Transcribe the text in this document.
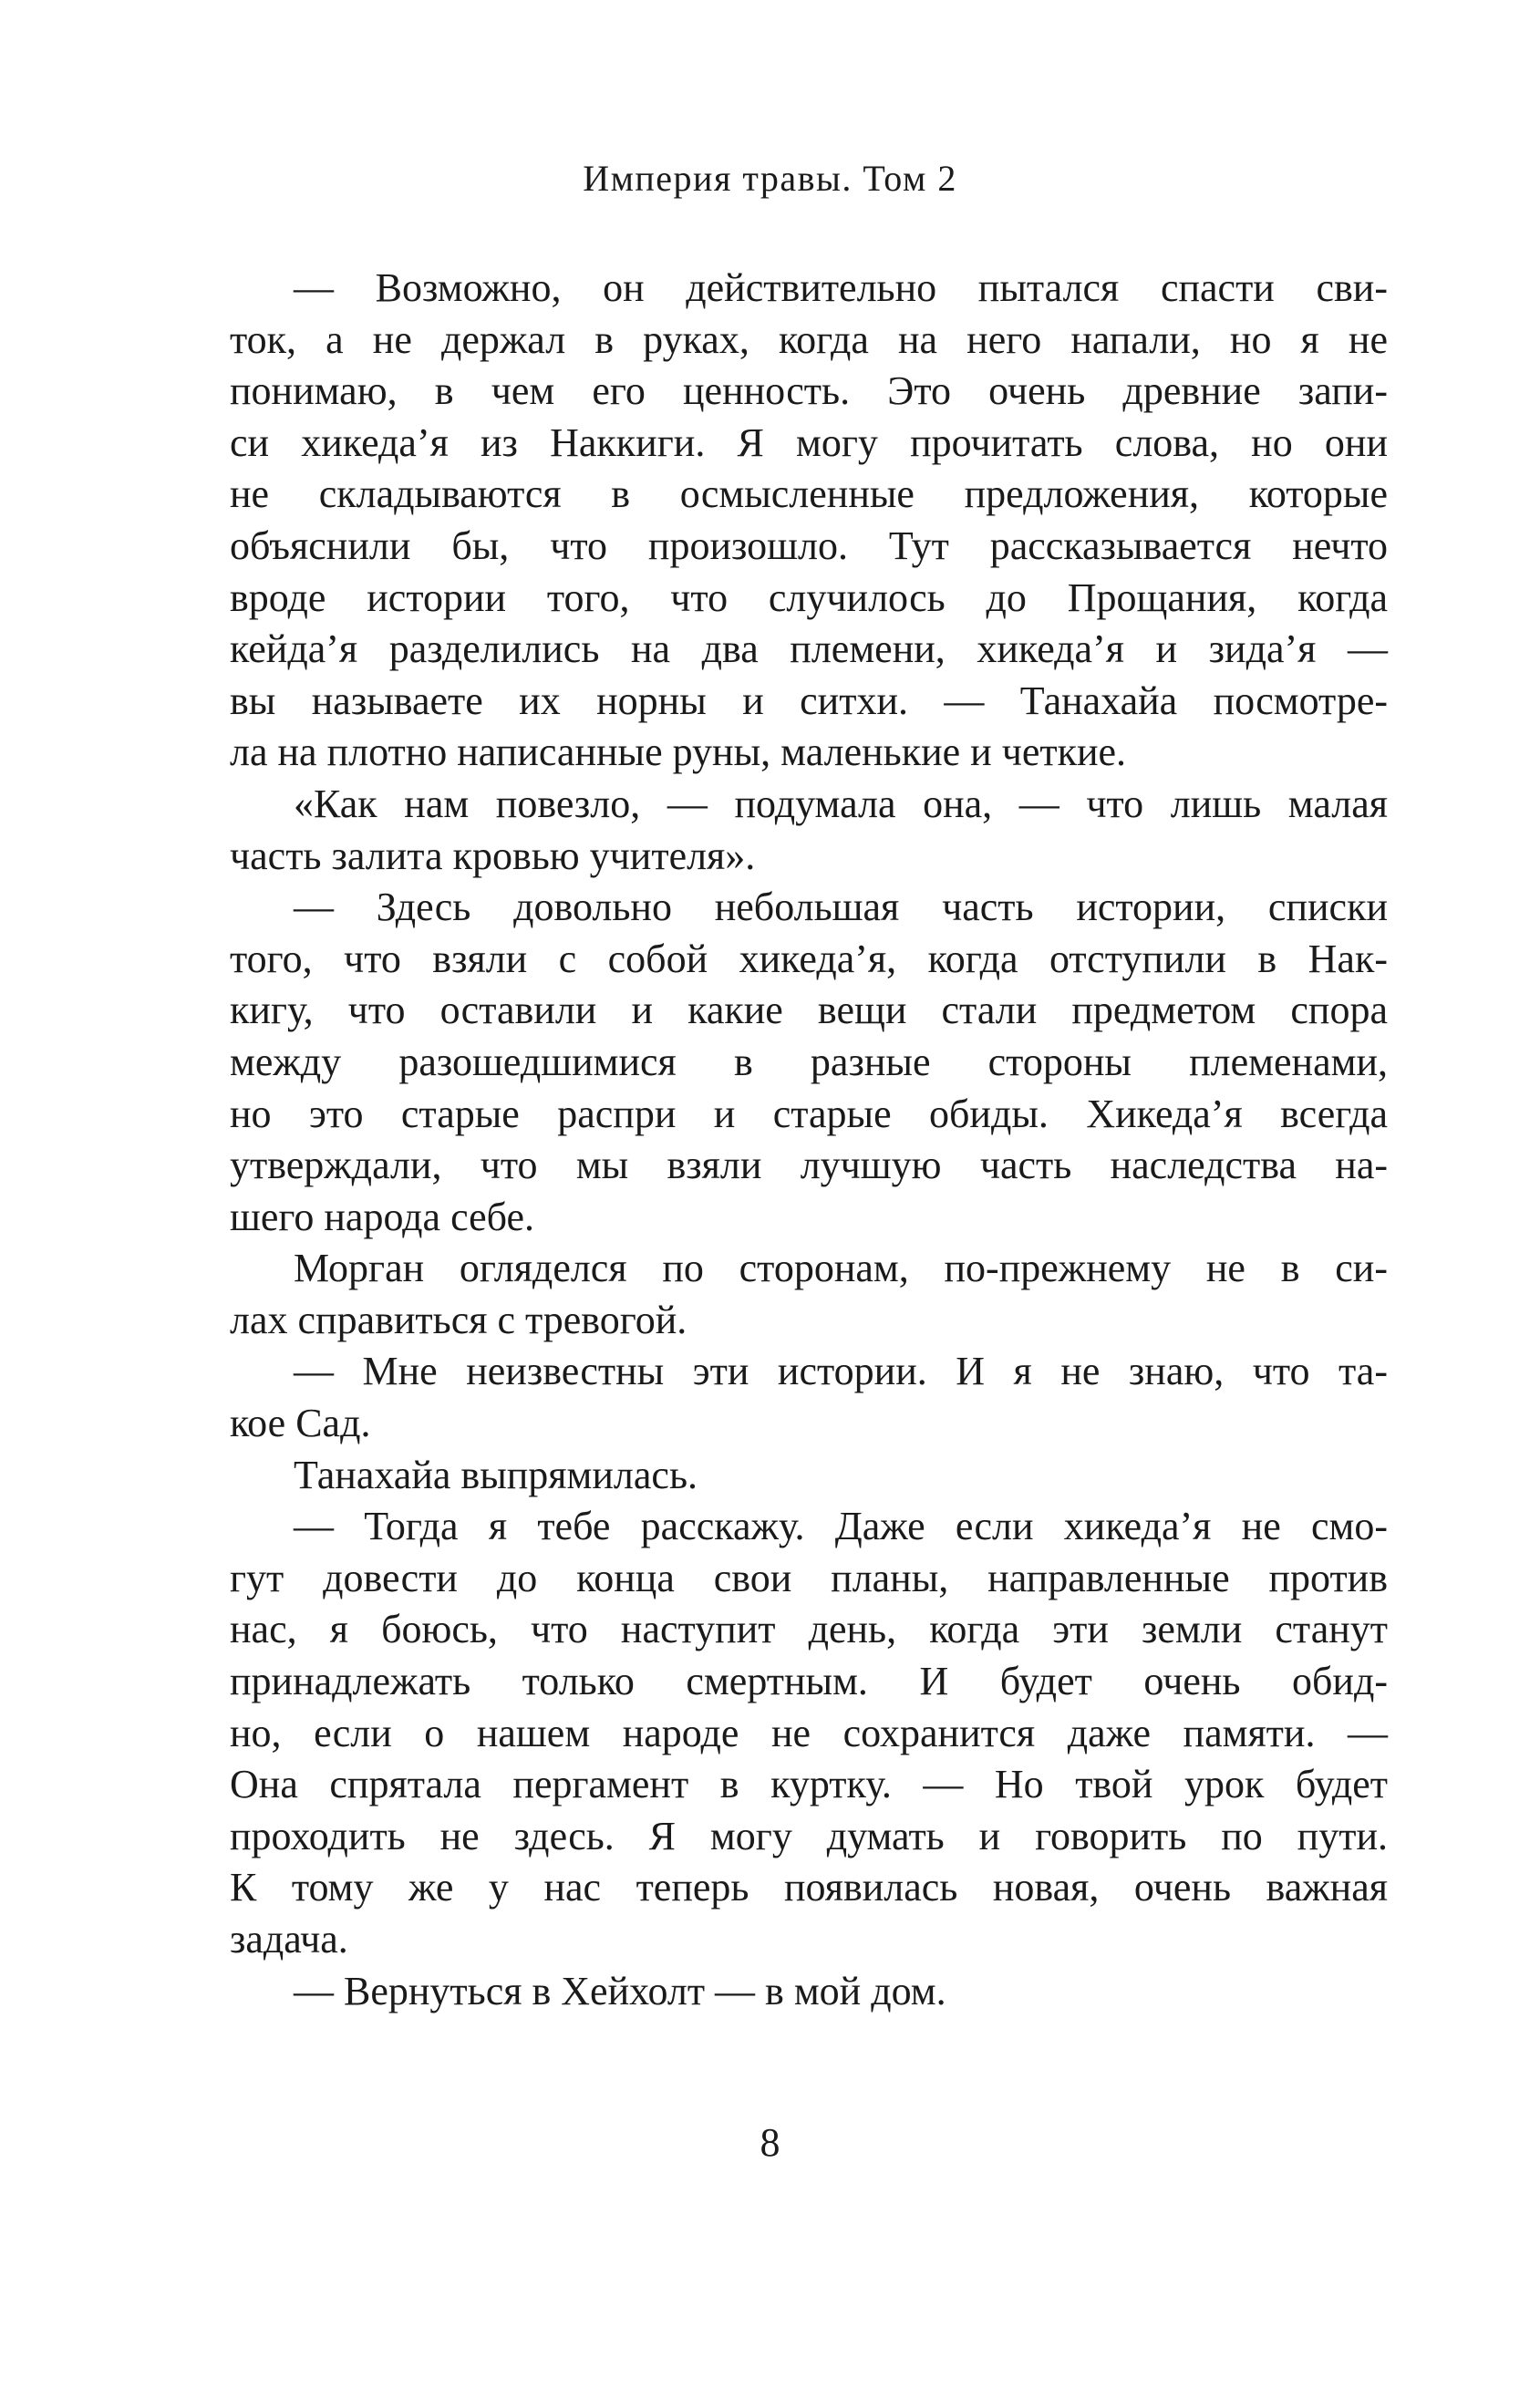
Империя травы. Том 2
— Возможно, он действительно пытался спасти сви-
ток, а не держал в руках, когда на него напали, но я не
понимаю, в чем его ценность. Это очень древние запи-
си хикеда’я из Наккиги. Я могу прочитать слова, но они
не складываются в осмысленные предложения, которые
объяснили бы, что произошло. Тут рассказывается нечто
вроде истории того, что случилось до Прощания, когда
кейда’я разделились на два племени, хикеда’я и зида’я —
вы называете их норны и ситхи. — Танахайа посмотре-
ла на плотно написанные руны, маленькие и четкие.
«Как нам повезло, — подумала она, — что лишь малая
часть залита кровью учителя».
— Здесь довольно небольшая часть истории, списки
того, что взяли с собой хикеда’я, когда отступили в Нак-
кигу, что оставили и какие вещи стали предметом спора
между разошедшимися в разные стороны племенами,
но это старые распри и старые обиды. Хикеда’я всегда
утверждали, что мы взяли лучшую часть наследства на-
шего народа себе.
Морган огляделся по сторонам, по-прежнему не в си-
лах справиться с тревогой.
— Мне неизвестны эти истории. И я не знаю, что та-
кое Сад.
Танахайа выпрямилась.
— Тогда я тебе расскажу. Даже если хикеда’я не смо-
гут довести до конца свои планы, направленные против
нас, я боюсь, что наступит день, когда эти земли станут
принадлежать только смертным. И будет очень обид-
но, если о нашем народе не сохранится даже памяти. —
Она спрятала пергамент в куртку. — Но твой урок будет
проходить не здесь. Я могу думать и говорить по пути.
К тому же у нас теперь появилась новая, очень важная
задача.
— Вернуться в Хейхолт — в мой дом.
8
